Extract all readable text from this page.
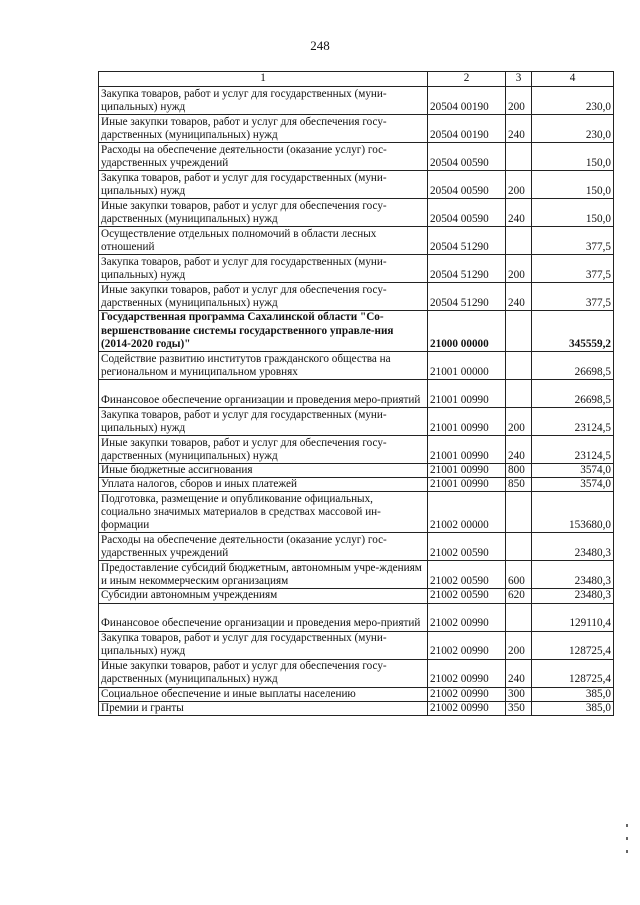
248
1	2	3	4
Закупка товаров, работ и услуг для государственных (муни-ципальных) нужд	20504 00190	200	230,0
Иные закупки товаров, работ и услуг для обеспечения госу-дарственных (муниципальных) нужд	20504 00190	240	230,0
Расходы на обеспечение деятельности (оказание услуг) гос-ударственных учреждений	20504 00590		150,0
Закупка товаров, работ и услуг для государственных (муни-ципальных) нужд	20504 00590	200	150,0
Иные закупки товаров, работ и услуг для обеспечения госу-дарственных (муниципальных) нужд	20504 00590	240	150,0
Осуществление отдельных полномочий в области лесных отношений	20504 51290		377,5
Закупка товаров, работ и услуг для государственных (муни-ципальных) нужд	20504 51290	200	377,5
Иные закупки товаров, работ и услуг для обеспечения госу-дарственных (муниципальных) нужд	20504 51290	240	377,5
Государственная программа Сахалинской области "Со-вершенствование системы государственного управле-ния (2014-2020 годы)"	21000 00000		345559,2
Содействие развитию институтов гражданского общества на региональном и муниципальном уровнях	21001 00000		26698,5
Финансовое обеспечение организации и проведения меро-приятий	21001 00990		26698,5
Закупка товаров, работ и услуг для государственных (муни-ципальных) нужд	21001 00990	200	23124,5
Иные закупки товаров, работ и услуг для обеспечения госу-дарственных (муниципальных) нужд	21001 00990	240	23124,5
Иные бюджетные ассигнования	21001 00990	800	3574,0
Уплата налогов, сборов и иных платежей	21001 00990	850	3574,0
Подготовка, размещение и опубликование официальных, социально значимых материалов в средствах массовой ин-формации	21002 00000		153680,0
Расходы на обеспечение деятельности (оказание услуг) гос-ударственных учреждений	21002 00590		23480,3
Предоставление субсидий бюджетным, автономным учре-ждениям и иным некоммерческим организациям	21002 00590	600	23480,3
Субсидии автономным учреждениям	21002 00590	620	23480,3
Финансовое обеспечение организации и проведения меро-приятий	21002 00990		129110,4
Закупка товаров, работ и услуг для государственных (муни-ципальных) нужд	21002 00990	200	128725,4
Иные закупки товаров, работ и услуг для обеспечения госу-дарственных (муниципальных) нужд	21002 00990	240	128725,4
Социальное обеспечение и иные выплаты населению	21002 00990	300	385,0
Премии и гранты	21002 00990	350	385,0
